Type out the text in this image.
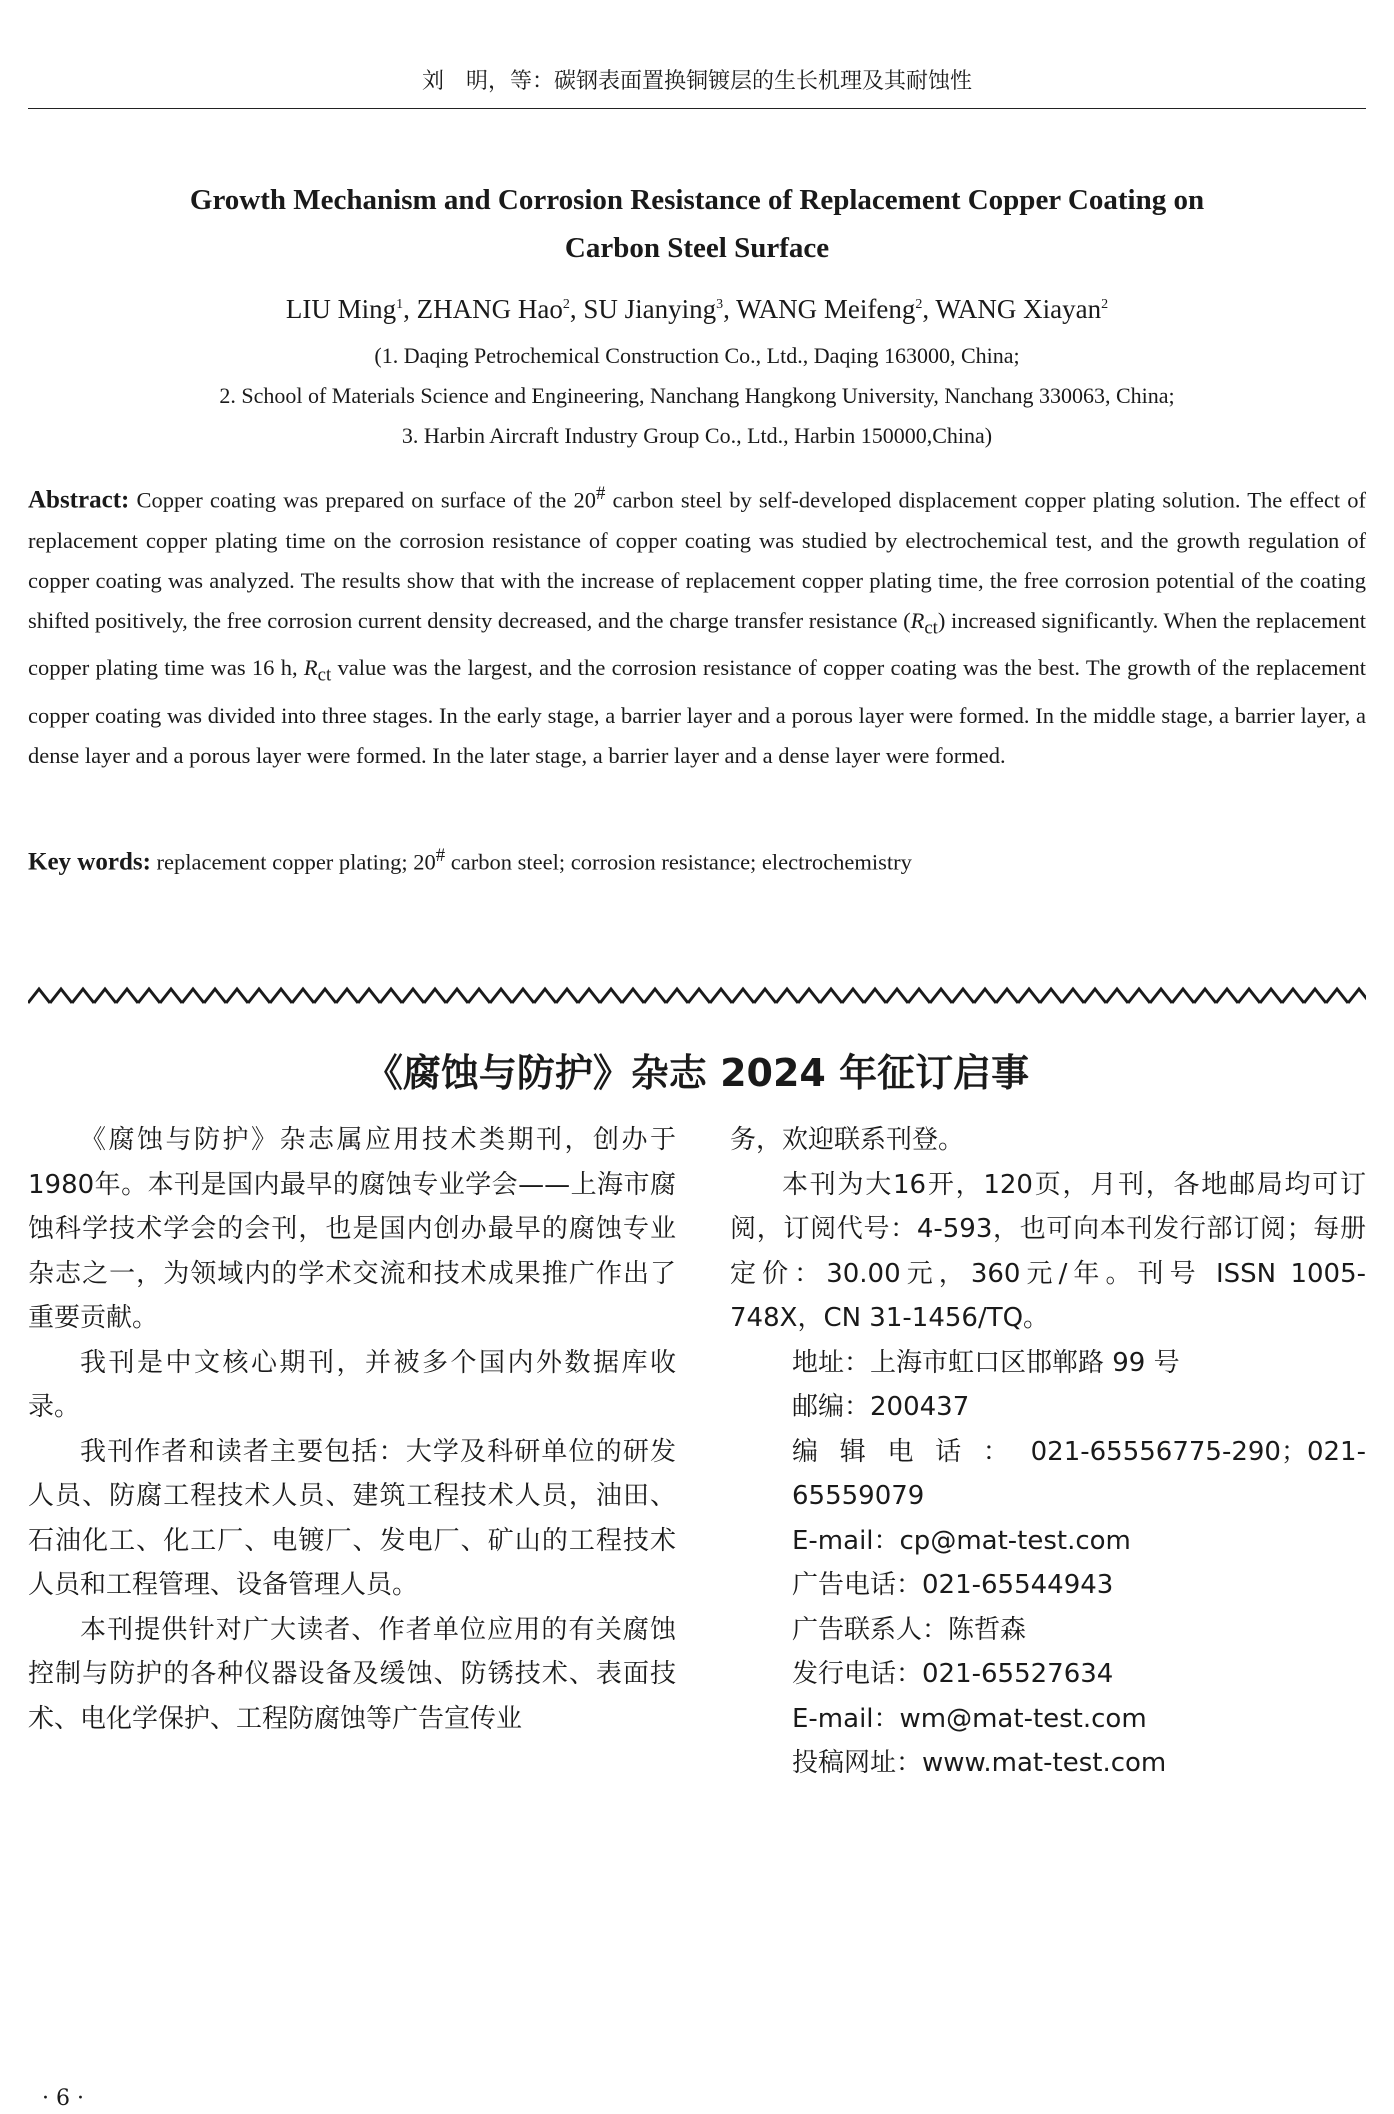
刘　明，等：碳钢表面置换铜镀层的生长机理及其耐蚀性
Growth Mechanism and Corrosion Resistance of Replacement Copper Coating on
Carbon Steel Surface
LIU Ming$^1$, ZHANG Hao$^2$, SU Jianying$^3$, WANG Meifeng$^2$, WANG Xiayan$^2$
(1. Daqing Petrochemical Construction Co., Ltd., Daqing 163000, China;
2. School of Materials Science and Engineering, Nanchang Hangkong University, Nanchang 330063, China;
3. Harbin Aircraft Industry Group Co., Ltd., Harbin 150000,China)
Abstract: Copper coating was prepared on surface of the 20# carbon steel by self-developed displacement copper plating solution. The effect of replacement copper plating time on the corrosion resistance of copper coating was studied by electrochemical test, and the growth regulation of copper coating was analyzed. The results show that with the increase of replacement copper plating time, the free corrosion potential of the coating shifted positively, the free corrosion current density decreased, and the charge transfer resistance $(R_{ct})$ increased significantly. When the replacement copper plating time was 16 h, $R_{ct}$ value was the largest, and the corrosion resistance of copper coating was the best. The growth of the replacement copper coating was divided into three stages. In the early stage, a barrier layer and a porous layer were formed. In the middle stage, a barrier layer, a dense layer and a porous layer were formed. In the later stage, a barrier layer and a dense layer were formed.
Key words: replacement copper plating; 20# carbon steel; corrosion resistance; electrochemistry
《腐蚀与防护》杂志 2024 年征订启事

《腐蚀与防护》杂志属应用技术类期刊，创办于1980年。本刊是国内最早的腐蚀专业学会——上海市腐蚀科学技术学会的会刊，也是国内创办最早的腐蚀专业杂志之一，为领域内的学术交流和技术成果推广作出了重要贡献。

我刊是中文核心期刊，并被多个国内外数据库收录。

我刊作者和读者主要包括：大学及科研单位的研发人员、防腐工程技术人员、建筑工程技术人员，油田、石油化工、化工厂、电镀厂、发电厂、矿山的工程技术人员和工程管理、设备管理人员。

本刊提供针对广大读者、作者单位应用的有关腐蚀控制与防护的各种仪器设备及缓蚀、防锈技术、表面技术、电化学保护、工程防腐蚀等广告宣传业

务，欢迎联系刊登。

本刊为大16开，120页，月刊，各地邮局均可订阅，订阅代号：4-593，也可向本刊发行部订阅；每册定价：30.00元，360元/年。刊号 ISSN 1005-748X，CN 31-1456/TQ。

地址：上海市虹口区邯郸路 99 号

邮编：200437

编辑电话：021-65556775-290；021-65559079

E-mail：cp@mat-test.com

广告电话：021-65544943

广告联系人：陈哲森

发行电话：021-65527634

E-mail：wm@mat-test.com

投稿网址：www.mat-test.com

· 6 ·
